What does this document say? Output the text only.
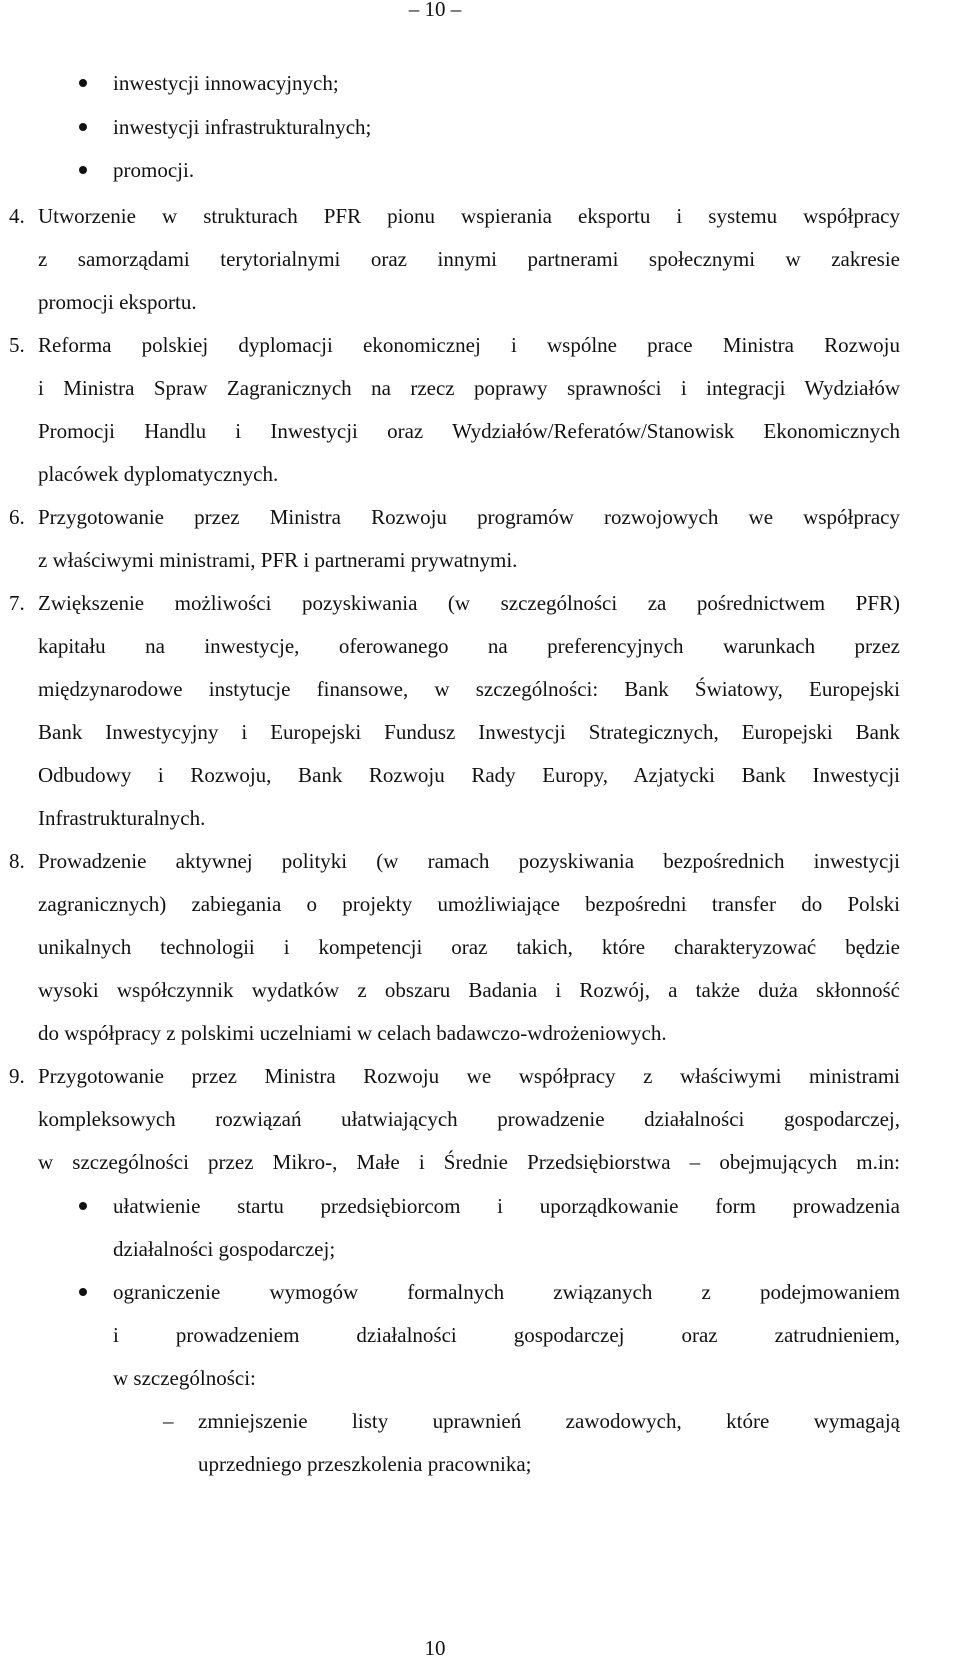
– 10 –
inwestycji innowacyjnych;
inwestycji infrastrukturalnych;
promocji.
4. Utworzenie w strukturach PFR pionu wspierania eksportu i systemu współpracy
z samorządami terytorialnymi oraz innymi partnerami społecznymi w zakresie
promocji eksportu.
5. Reforma polskiej dyplomacji ekonomicznej i wspólne prace Ministra Rozwoju
i Ministra Spraw Zagranicznych na rzecz poprawy sprawności i integracji Wydziałów
Promocji Handlu i Inwestycji oraz Wydziałów/Referatów/Stanowisk Ekonomicznych
placówek dyplomatycznych.
6. Przygotowanie przez Ministra Rozwoju programów rozwojowych we współpracy
z właściwymi ministrami, PFR i partnerami prywatnymi.
7. Zwiększenie możliwości pozyskiwania (w szczególności za pośrednictwem PFR)
kapitału na inwestycje, oferowanego na preferencyjnych warunkach przez
międzynarodowe instytucje finansowe, w szczególności: Bank Światowy, Europejski
Bank Inwestycyjny i Europejski Fundusz Inwestycji Strategicznych, Europejski Bank
Odbudowy i Rozwoju, Bank Rozwoju Rady Europy, Azjatycki Bank Inwestycji
Infrastrukturalnych.
8. Prowadzenie aktywnej polityki (w ramach pozyskiwania bezpośrednich inwestycji
zagranicznych) zabiegania o projekty umożliwiające bezpośredni transfer do Polski
unikalnych technologii i kompetencji oraz takich, które charakteryzować będzie
wysoki współczynnik wydatków z obszaru Badania i Rozwój, a także duża skłonność
do współpracy z polskimi uczelniami w celach badawczo-wdrożeniowych.
9. Przygotowanie przez Ministra Rozwoju we współpracy z właściwymi ministrami
kompleksowych rozwiązań ułatwiających prowadzenie działalności gospodarczej,
w szczególności przez Mikro-, Małe i Średnie Przedsiębiorstwa – obejmujących m.in:
ułatwienie startu przedsiębiorcom i uporządkowanie form prowadzenia
działalności gospodarczej;
ograniczenie wymogów formalnych związanych z podejmowaniem
i prowadzeniem działalności gospodarczej oraz zatrudnieniem,
w szczególności:
– zmniejszenie listy uprawnień zawodowych, które wymagają
uprzedniego przeszkolenia pracownika;
10
